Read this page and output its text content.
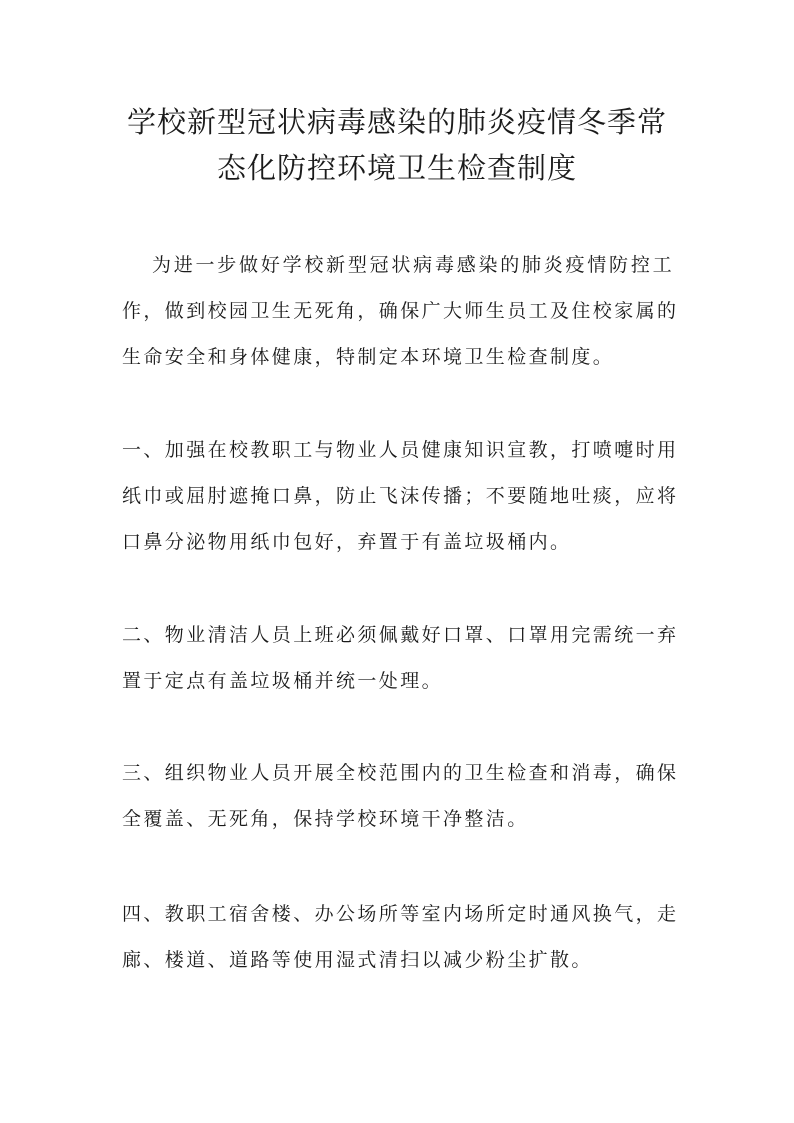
学校新型冠状病毒感染的肺炎疫情冬季常
态化防控环境卫生检查制度
为进一步做好学校新型冠状病毒感染的肺炎疫情防控工
作，做到校园卫生无死角，确保广大师生员工及住校家属的
生命安全和身体健康，特制定本环境卫生检查制度。
一、加强在校教职工与物业人员健康知识宣教，打喷嚏时用
纸巾或屈肘遮掩口鼻，防止飞沫传播；不要随地吐痰，应将
口鼻分泌物用纸巾包好，弃置于有盖垃圾桶内。
二、物业清洁人员上班必须佩戴好口罩、口罩用完需统一弃
置于定点有盖垃圾桶并统一处理。
三、组织物业人员开展全校范围内的卫生检查和消毒，确保
全覆盖、无死角，保持学校环境干净整洁。
四、教职工宿舍楼、办公场所等室内场所定时通风换气，走
廊、楼道、道路等使用湿式清扫以减少粉尘扩散。
